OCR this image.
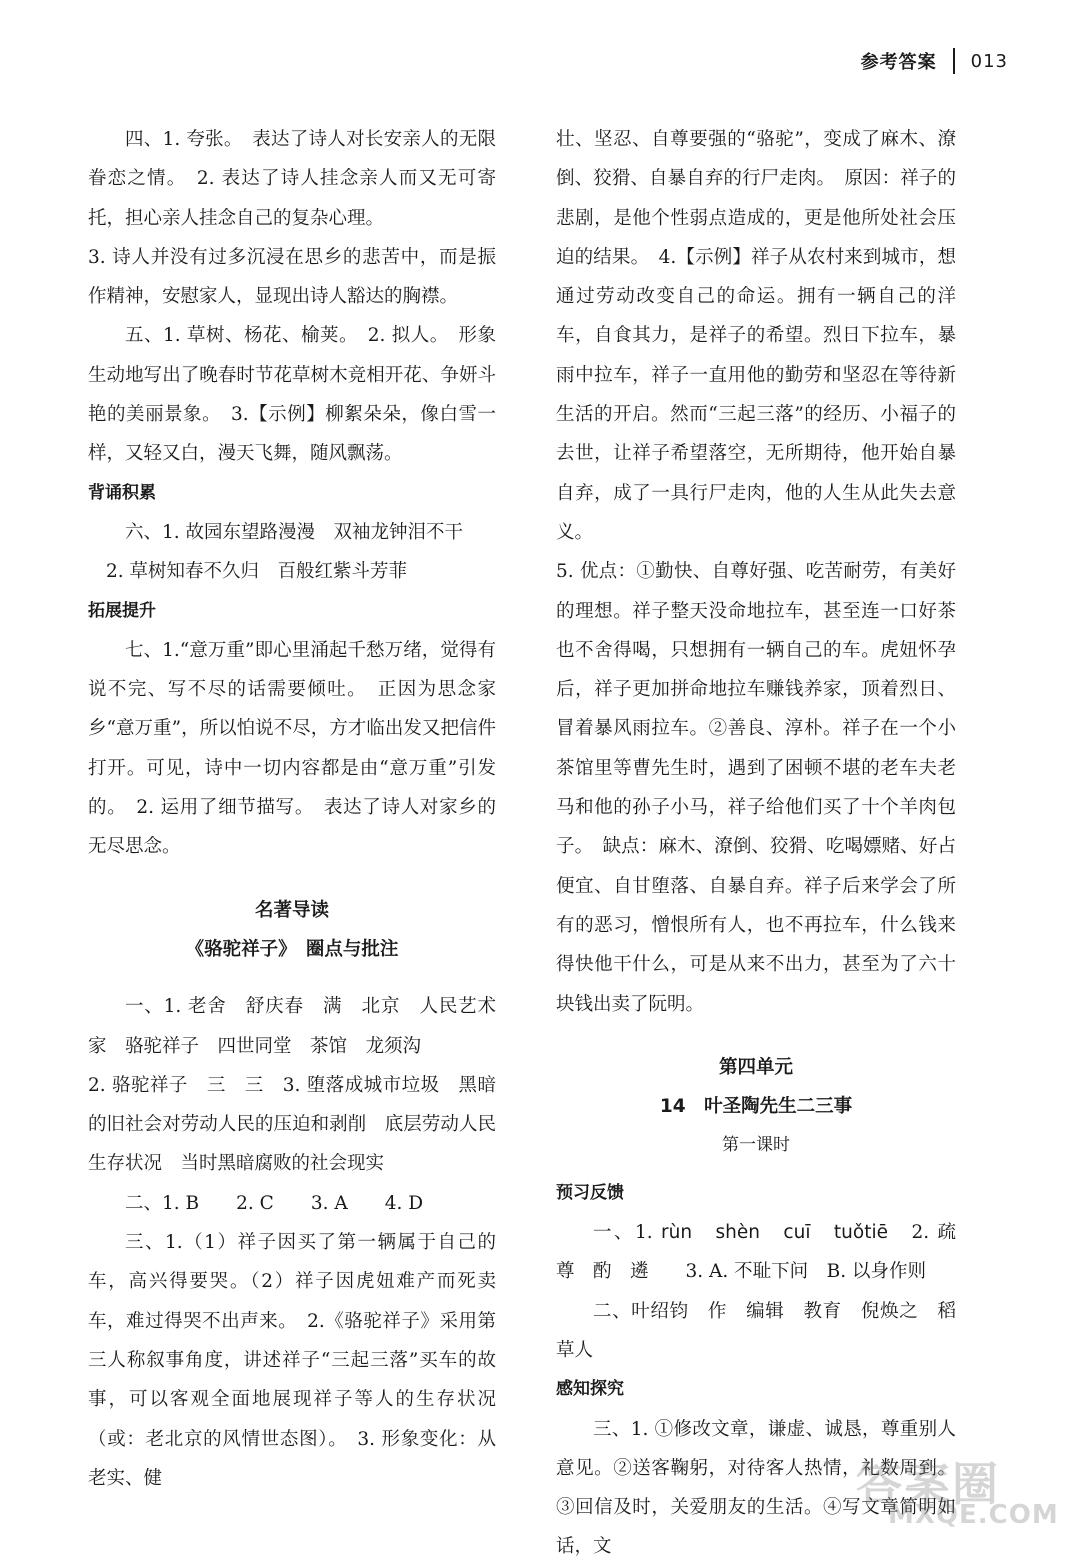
参考答案 013

四、1. 夸张。　表达了诗人对长安亲人的无限眷恋之情。　2. 表达了诗人挂念亲人而又无可寄托，担心亲人挂念自己的复杂心理。

3. 诗人并没有过多沉浸在思乡的悲苦中，而是振作精神，安慰家人，显现出诗人豁达的胸襟。

五、1. 草树、杨花、榆荚。　2. 拟人。　形象生动地写出了晚春时节花草树木竞相开花、争妍斗艳的美丽景象。　3.【示例】柳絮朵朵，像白雪一样，又轻又白，漫天飞舞，随风飘荡。

背诵积累

六、1. 故园东望路漫漫　双袖龙钟泪不干

2. 草树知春不久归　百般红紫斗芳菲

拓展提升

七、1.“意万重”即心里涌起千愁万绪，觉得有说不完、写不尽的话需要倾吐。　正因为思念家乡“意万重”，所以怕说不尽，方才临出发又把信件打开。可见，诗中一切内容都是由“意万重”引发的。　2. 运用了细节描写。　表达了诗人对家乡的无尽思念。

名著导读

《骆驼祥子》　圈点与批注

一、1. 老舍　舒庆春　满　北京　人民艺术家　骆驼祥子　四世同堂　茶馆　龙须沟

2. 骆驼祥子　三　三　3. 堕落成城市垃圾　黑暗的旧社会对劳动人民的压迫和剥削　底层劳动人民生存状况　当时黑暗腐败的社会现实

二、1. B　　2. C　　3. A　　4. D

三、1.（1）祥子因买了第一辆属于自己的车，高兴得要哭。（2）祥子因虎妞难产而死卖车，难过得哭不出声来。　2.《骆驼祥子》采用第三人称叙事角度，讲述祥子“三起三落”买车的故事，可以客观全面地展现祥子等人的生存状况（或：老北京的风情世态图）。　3. 形象变化：从老实、健

壮、坚忍、自尊要强的“骆驼”，变成了麻木、潦倒、狡猾、自暴自弃的行尸走肉。　原因：祥子的悲剧，是他个性弱点造成的，更是他所处社会压迫的结果。　4.【示例】祥子从农村来到城市，想通过劳动改变自己的命运。拥有一辆自己的洋车，自食其力，是祥子的希望。烈日下拉车，暴雨中拉车，祥子一直用他的勤劳和坚忍在等待新生活的开启。然而“三起三落”的经历、小福子的去世，让祥子希望落空，无所期待，他开始自暴自弃，成了一具行尸走肉，他的人生从此失去意义。

5. 优点：①勤快、自尊好强、吃苦耐劳，有美好的理想。祥子整天没命地拉车，甚至连一口好茶也不舍得喝，只想拥有一辆自己的车。虎妞怀孕后，祥子更加拼命地拉车赚钱养家，顶着烈日、冒着暴风雨拉车。②善良、淳朴。祥子在一个小茶馆里等曹先生时，遇到了困顿不堪的老车夫老马和他的孙子小马，祥子给他们买了十个羊肉包子。　缺点：麻木、潦倒、狡猾、吃喝嫖赌、好占便宜、自甘堕落、自暴自弃。祥子后来学会了所有的恶习，憎恨所有人，也不再拉车，什么钱来得快他干什么，可是从来不出力，甚至为了六十块钱出卖了阮明。

第四单元

14　叶圣陶先生二三事

第一课时

预习反馈

一、1. rùn　shèn　cuī　tuǒtiē　2. 疏　尊　酌　遴　　3. A. 不耻下问　B. 以身作则

二、叶绍钧　作　编辑　教育　倪焕之　稻草人

感知探究

三、1. ①修改文章，谦虚、诚恳，尊重别人意见。②送客鞠躬，对待客人热情，礼数周到。③回信及时，关爱朋友的生活。④写文章简明如话，文

答案圈
MXQE.COM
